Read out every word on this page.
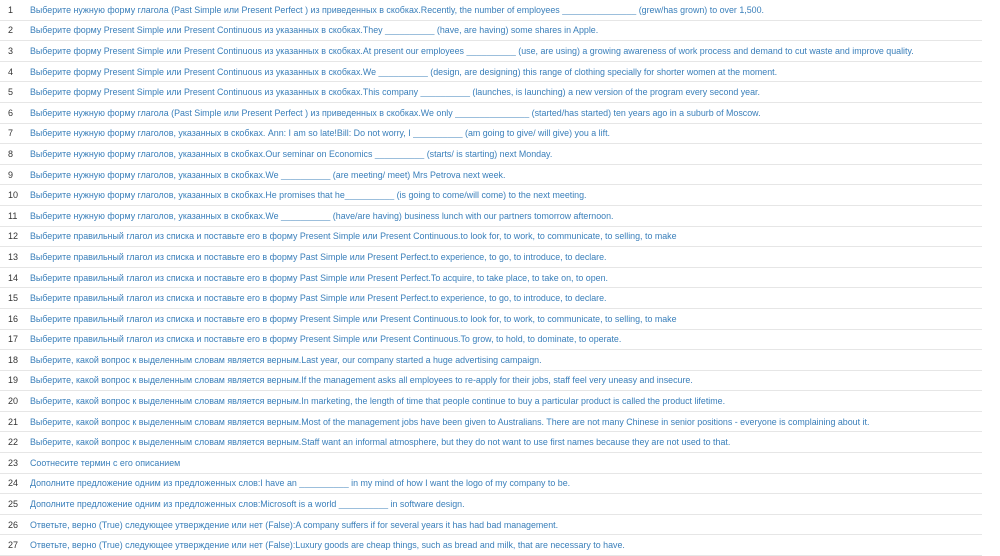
1	Выберите нужную форму глагола (Past Simple или Present Perfect ) из приведенных в скобках.Recently, the number of employees _______________ (grew/has grown) to over 1,500.
2	Выберите форму Present Simple или Present Continuous из указанных в скобках.They __________ (have, are having) some shares in Apple.
3	Выберите форму Present Simple или Present Continuous из указанных в скобках.At present our employees __________ (use, are using) a growing awareness of work process and demand to cut waste and improve quality.
4	Выберите форму Present Simple или Present Continuous из указанных в скобках.We __________ (design, are designing) this range of clothing specially for shorter women at the moment.
5	Выберите форму Present Simple или Present Continuous из указанных в скобках.This company __________ (launches, is launching) a new version of the program every second year.
6	Выберите нужную форму глагола (Past Simple или Present Perfect ) из приведенных в скобках.We only _______________ (started/has started) ten years ago in a suburb of Moscow.
7	Выберите нужную форму глаголов, указанных в скобках. Ann: I am so late!Bill: Do not worry, I __________ (am going to give/ will give) you a lift.
8	Выберите нужную форму глаголов, указанных в скобках.Our seminar on Economics __________ (starts/ is starting) next Monday.
9	Выберите нужную форму глаголов, указанных в скобках.We __________ (are meeting/ meet) Mrs Petrova next week.
10	Выберите нужную форму глаголов, указанных в скобках.He promises that he__________ (is going to come/will come) to the next meeting.
11	Выберите нужную форму глаголов, указанных в скобках.We __________ (have/are having) business lunch with our partners tomorrow afternoon.
12	Выберите правильный глагол из списка и поставьте его в форму Present Simple или Present Continuous.to look for, to work, to communicate, to selling, to make
13	Выберите правильный глагол из списка и поставьте его в форму Past Simple или Present Perfect.to experience, to go, to introduce, to declare.
14	Выберите правильный глагол из списка и поставьте его в форму Past Simple или Present Perfect.To acquire, to take place, to take on, to open.
15	Выберите правильный глагол из списка и поставьте его в форму Past Simple или Present Perfect.to experience, to go, to introduce, to declare.
16	Выберите правильный глагол из списка и поставьте его в форму Present Simple или Present Continuous.to look for, to work, to communicate, to selling, to make
17	Выберите правильный глагол из списка и поставьте его в форму Present Simple или Present Continuous.To grow, to hold, to dominate, to operate.
18	Выберите, какой вопрос к выделенным словам является верным.Last year, our company started a huge advertising campaign.
19	Выберите, какой вопрос к выделенным словам является верным.If the management asks all employees to re-apply for their jobs, staff feel very uneasy and insecure.
20	Выберите, какой вопрос к выделенным словам является верным.In marketing, the length of time that people continue to buy a particular product is called the product lifetime.
21	Выберите, какой вопрос к выделенным словам является верным.Most of the management jobs have been given to Australians. There are not many Chinese in senior positions - everyone is complaining about it.
22	Выберите, какой вопрос к выделенным словам является верным.Staff want an informal atmosphere, but they do not want to use first names because they are not used to that.
23	Соотнесите термин с его описанием
24	Дополните предложение одним из предложенных слов:I have an __________ in my mind of how I want the logo of my company to be.
25	Дополните предложение одним из предложенных слов:Microsoft is a world __________ in software design.
26	Ответьте, верно (True) следующее утверждение или нет (False):A company suffers if for several years it has had bad management.
27	Ответьте, верно (True) следующее утверждение или нет (False):Luxury goods are cheap things, such as bread and milk, that are necessary to have.
